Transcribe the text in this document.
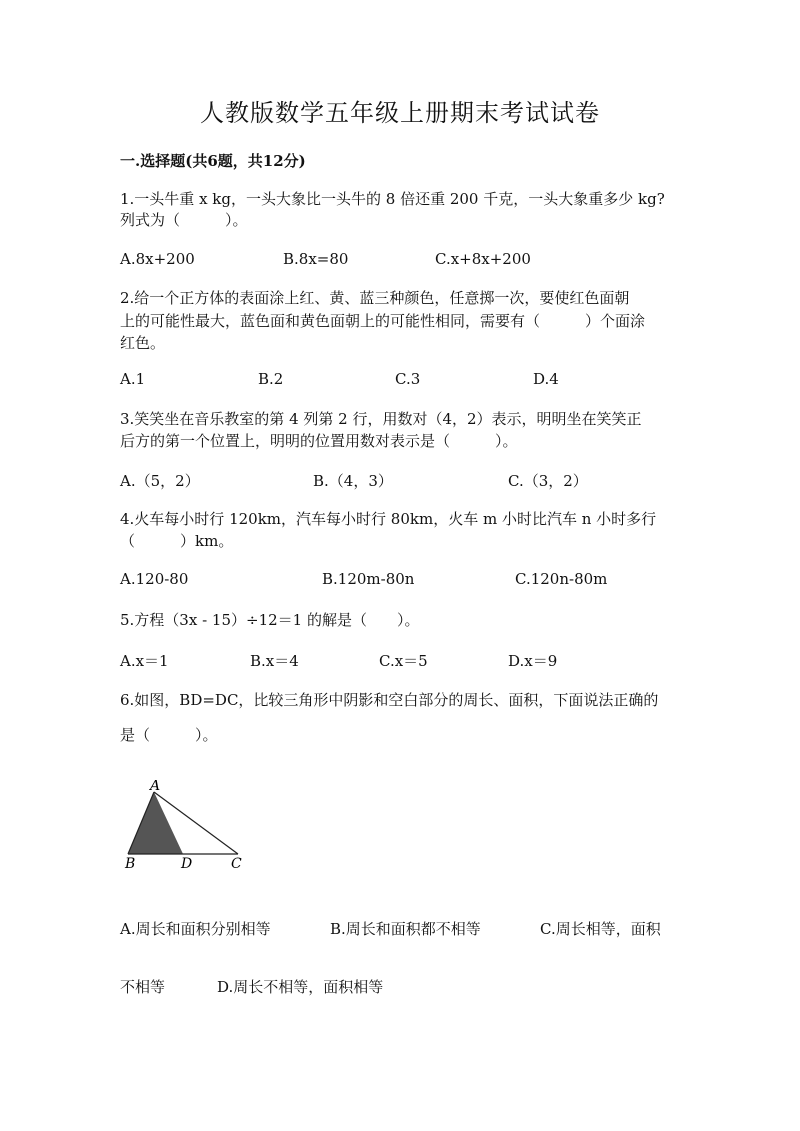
人教版数学五年级上册期末考试试卷
一.选择题(共6题，共12分)
1.一头牛重 x kg，一头大象比一头牛的 8 倍还重 200 千克，一头大象重多少 kg?
列式为（　　　）。
A.8x+200	B.8x=80	C.x+8x+200
2.给一个正方体的表面涂上红、黄、蓝三种颜色，任意掷一次，要使红色面朝
上的可能性最大，蓝色面和黄色面朝上的可能性相同，需要有（　　　）个面涂
红色。
A.1	B.2	C.3	D.4
3.笑笑坐在音乐教室的第 4 列第 2 行，用数对（4，2）表示，明明坐在笑笑正
后方的第一个位置上，明明的位置用数对表示是（　　　）。
A.（5，2）	B.（4，3）	C.（3，2）
4.火车每小时行 120km，汽车每小时行 80km，火车 m 小时比汽车 n 小时多行
（　　　）km。
A.120-80	B.120m-80n	C.120n-80m
5.方程（3x - 15）÷12＝1 的解是（　　）。
A.x＝1	B.x＝4	C.x＝5	D.x＝9
6.如图，BD=DC，比较三角形中阴影和空白部分的周长、面积，下面说法正确的
是（　　　）。
A
B	D	C
A.周长和面积分别相等	B.周长和面积都不相等	C.周长相等，面积
不相等	D.周长不相等，面积相等
